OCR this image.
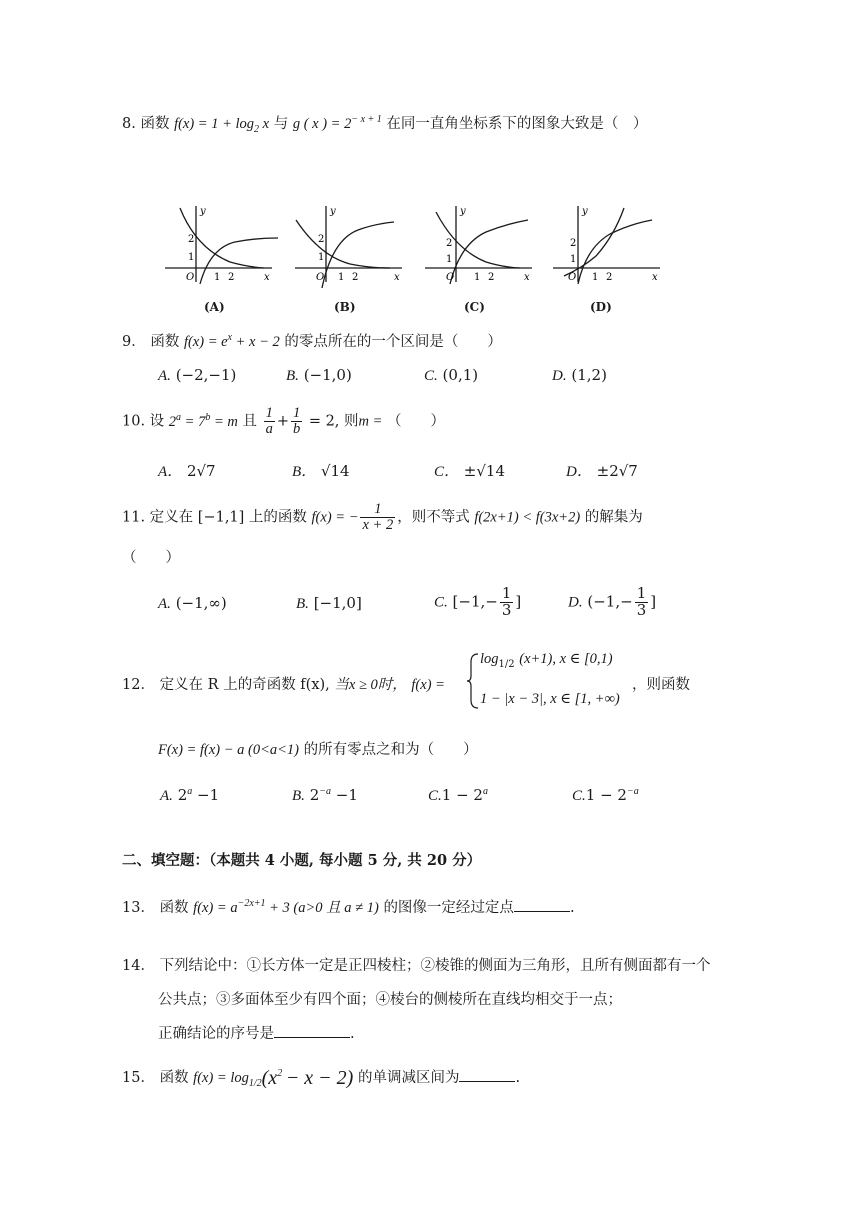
8. 函数 $f(x) = 1 + \log_2 x$ 与 g ( x ) = $2^{- x + 1}$ 在同一直角坐标系下的图象大致是（　）
y
x
O
2
1
1 2
(A)
y
x
O
2
1
1 2
(B)
y
x
O
2
1
1 2
(C)
y
x
O
2
1
1 2
(D)
9． 函数 $f(x) = e^x + x - 2$ 的零点所在的一个区间是（　　）
A. (−2,−1)	B. (−1,0)	C. (0,1)	D. (1,2)
10. 设 $2^a = 7^b = m$ 且 $\frac{1}{a} + \frac{1}{b} = 2$, 则m = （　　）
A． 2√7	B． √14	C． ±√14	D． ±2√7
11. 定义在 [−1,1] 上的函数 f(x) = − $\frac{1}{x + 2}$ ，则不等式 f(2x+1) < f(3x+2) 的解集为
（　　）
A. (−1,∞)	B. [−1,0]	C. [$-1,- \frac{1}{3}$ ]	D. ($-1,- \frac{1}{3}$ ]
12． 定义在 R 上的奇函数 f(x), 当x ≥ 0时， f(x) =
$\log_{1/2} (x+1)$, x ∈ [0,1)
1 − |x − 3|, x ∈ [1, +∞)
，则函数
F(x) = f(x) − a (0<a<1) 的所有零点之和为（　　）
A. $2^a -1$	B. $2^{-a} -1$	$C.1 - 2^a$	$C.1 - 2^{-a}$
二、填空题：（本题共 4 小题, 每小题 5 分, 共 20 分）
13． 函数 $f(x) = a^{-2x+1} + 3$ (a>0 且 a ≠ 1) 的图像一定经过定点	.
14． 下列结论中：①长方体一定是正四棱柱；②棱锥的侧面为三角形，且所有侧面都有一个
公共点；③多面体至少有四个面；④棱台的侧棱所在直线均相交于一点；
正确结论的序号是	.
15． 函数 $f(x) = \log_{1/2}(x^2 - x - 2)$ 的单调减区间为	.
